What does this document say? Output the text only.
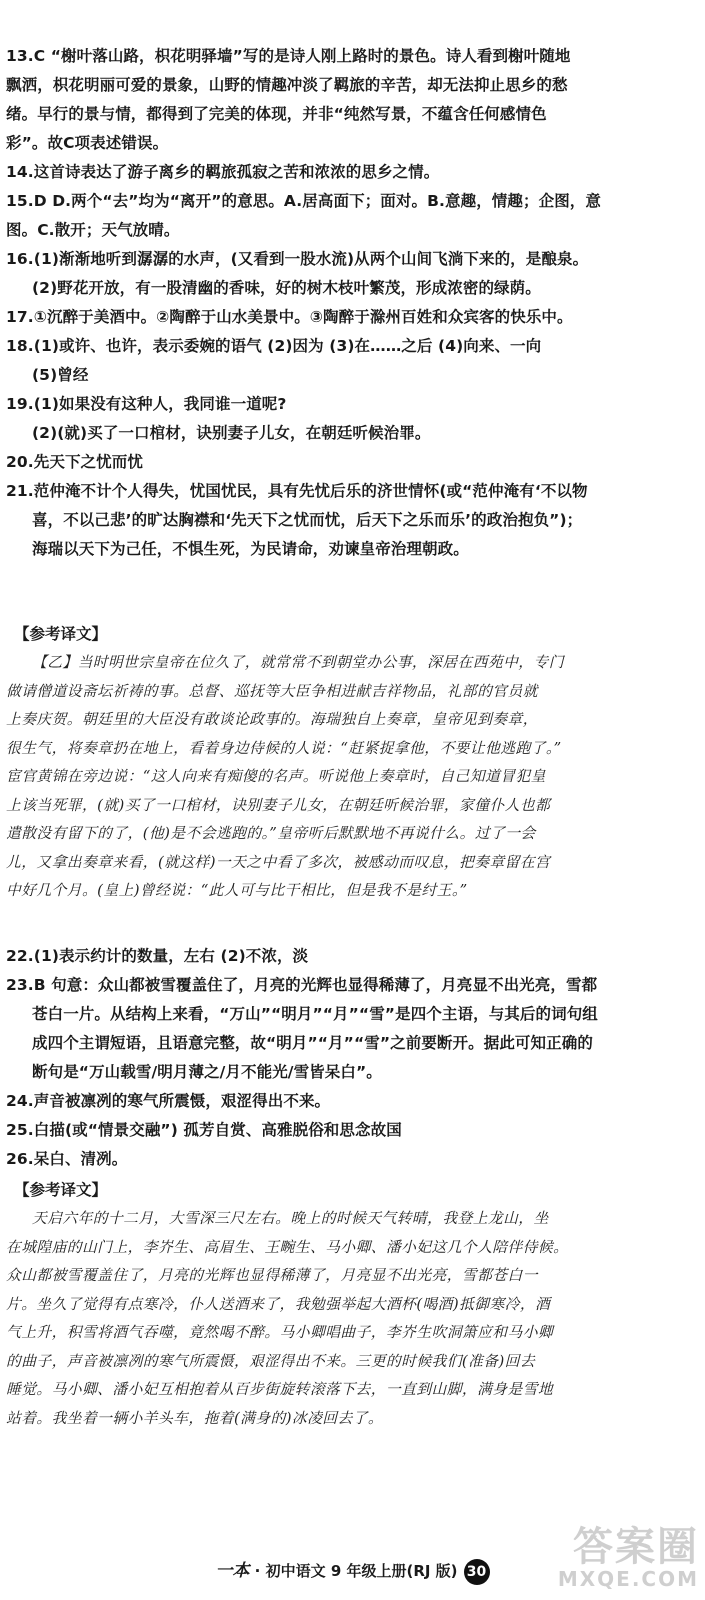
13.C “榭叶落山路，枳花明驿墙”写的是诗人刚上路时的景色。诗人看到榭叶随地
飘洒，枳花明丽可爱的景象，山野的情趣冲淡了羁旅的辛苦，却无法抑止思乡的愁
绪。早行的景与情，都得到了完美的体现，并非“纯然写景，不蕴含任何感情色
彩”。故C项表述错误。
14.这首诗表达了游子离乡的羁旅孤寂之苦和浓浓的思乡之情。
15.D D.两个“去”均为“离开”的意思。A.居高面下；面对。B.意趣，情趣；企图，意
图。C.散开；天气放晴。
16.(1)渐渐地听到潺潺的水声，(又看到一股水流)从两个山间飞淌下来的，是酿泉。
(2)野花开放，有一股清幽的香味，好的树木枝叶繁茂，形成浓密的绿荫。
17.①沉醉于美酒中。②陶醉于山水美景中。③陶醉于滁州百姓和众宾客的快乐中。
18.(1)或许、也许，表示委婉的语气 (2)因为 (3)在……之后 (4)向来、一向
(5)曾经
19.(1)如果没有这种人，我同谁一道呢?
(2)(就)买了一口棺材，诀别妻子儿女，在朝廷听候治罪。
20.先天下之忧而忧
21.范仲淹不计个人得失，忧国忧民，具有先忧后乐的济世情怀(或“范仲淹有‘不以物
喜，不以己悲’的旷达胸襟和‘先天下之忧而忧，后天下之乐而乐’的政治抱负”)；
海瑞以天下为己任，不惧生死，为民请命，劝谏皇帝治理朝政。
【参考译文】
【乙】当时明世宗皇帝在位久了，就常常不到朝堂办公事，深居在西苑中，专门
做请僧道设斋坛祈祷的事。总督、巡抚等大臣争相进献吉祥物品，礼部的官员就
上奏庆贺。朝廷里的大臣没有敢谈论政事的。海瑞独自上奏章，皇帝见到奏章，
很生气，将奏章扔在地上，看着身边侍候的人说：“赶紧捉拿他，不要让他逃跑了。”
宦官黄锦在旁边说：“这人向来有痴傻的名声。听说他上奏章时，自己知道冒犯皇
上该当死罪，(就)买了一口棺材，诀别妻子儿女，在朝廷听候治罪，家僮仆人也都
遣散没有留下的了，(他)是不会逃跑的。”皇帝听后默默地不再说什么。过了一会
儿，又拿出奏章来看，(就这样)一天之中看了多次，被感动而叹息，把奏章留在宫
中好几个月。(皇上)曾经说：“此人可与比干相比，但是我不是纣王。”
22.(1)表示约计的数量，左右 (2)不浓，淡
23.B 句意：众山都被雪覆盖住了，月亮的光辉也显得稀薄了，月亮显不出光亮，雪都
苍白一片。从结构上来看，“万山”“明月”“月”“雪”是四个主语，与其后的词句组
成四个主谓短语，且语意完整，故“明月”“月”“雪”之前要断开。据此可知正确的
断句是“万山载雪/明月薄之/月不能光/雪皆呆白”。
24.声音被凛冽的寒气所震慑，艰涩得出不来。
25.白描(或“情景交融”) 孤芳自赏、高雅脱俗和思念故国
26.呆白、清冽。
【参考译文】
天启六年的十二月，大雪深三尺左右。晚上的时候天气转晴，我登上龙山，坐
在城隍庙的山门上，李岕生、高眉生、王畹生、马小卿、潘小妃这几个人陪伴侍候。
众山都被雪覆盖住了，月亮的光辉也显得稀薄了，月亮显不出光亮，雪都苍白一
片。坐久了觉得有点寒冷，仆人送酒来了，我勉强举起大酒杯(喝酒)抵御寒冷，酒
气上升，积雪将酒气吞噬，竟然喝不醉。马小卿唱曲子，李岕生吹洞箫应和马小卿
的曲子，声音被凛冽的寒气所震慑，艰涩得出不来。三更的时候我们(准备)回去
睡觉。马小卿、潘小妃互相抱着从百步街旋转滚落下去，一直到山脚，满身是雪地
站着。我坐着一辆小羊头车，拖着(满身的)冰凌回去了。
一本 · 初中语文 9 年级上册(RJ 版) 30
答案圈
MXQE.COM
